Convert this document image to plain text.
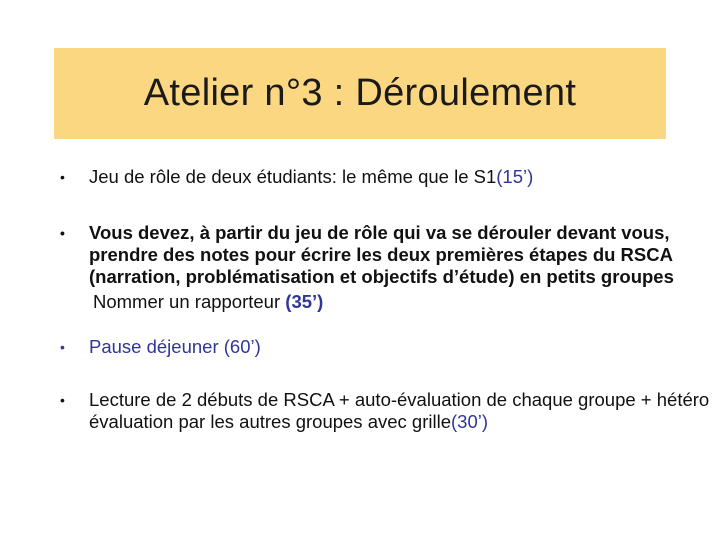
Atelier n°3 : Déroulement
• Jeu de rôle de deux étudiants: le même que le S1(15’)
• Vous devez, à partir du jeu de rôle qui va se dérouler devant vous, prendre des notes pour écrire les deux premières étapes du RSCA (narration, problématisation et objectifs d’étude) en petits groupes
Nommer un rapporteur (35’)
• Pause déjeuner (60’)
• Lecture de 2 débuts de RSCA + auto-évaluation de chaque groupe + hétéro évaluation par les autres groupes avec grille(30’)
